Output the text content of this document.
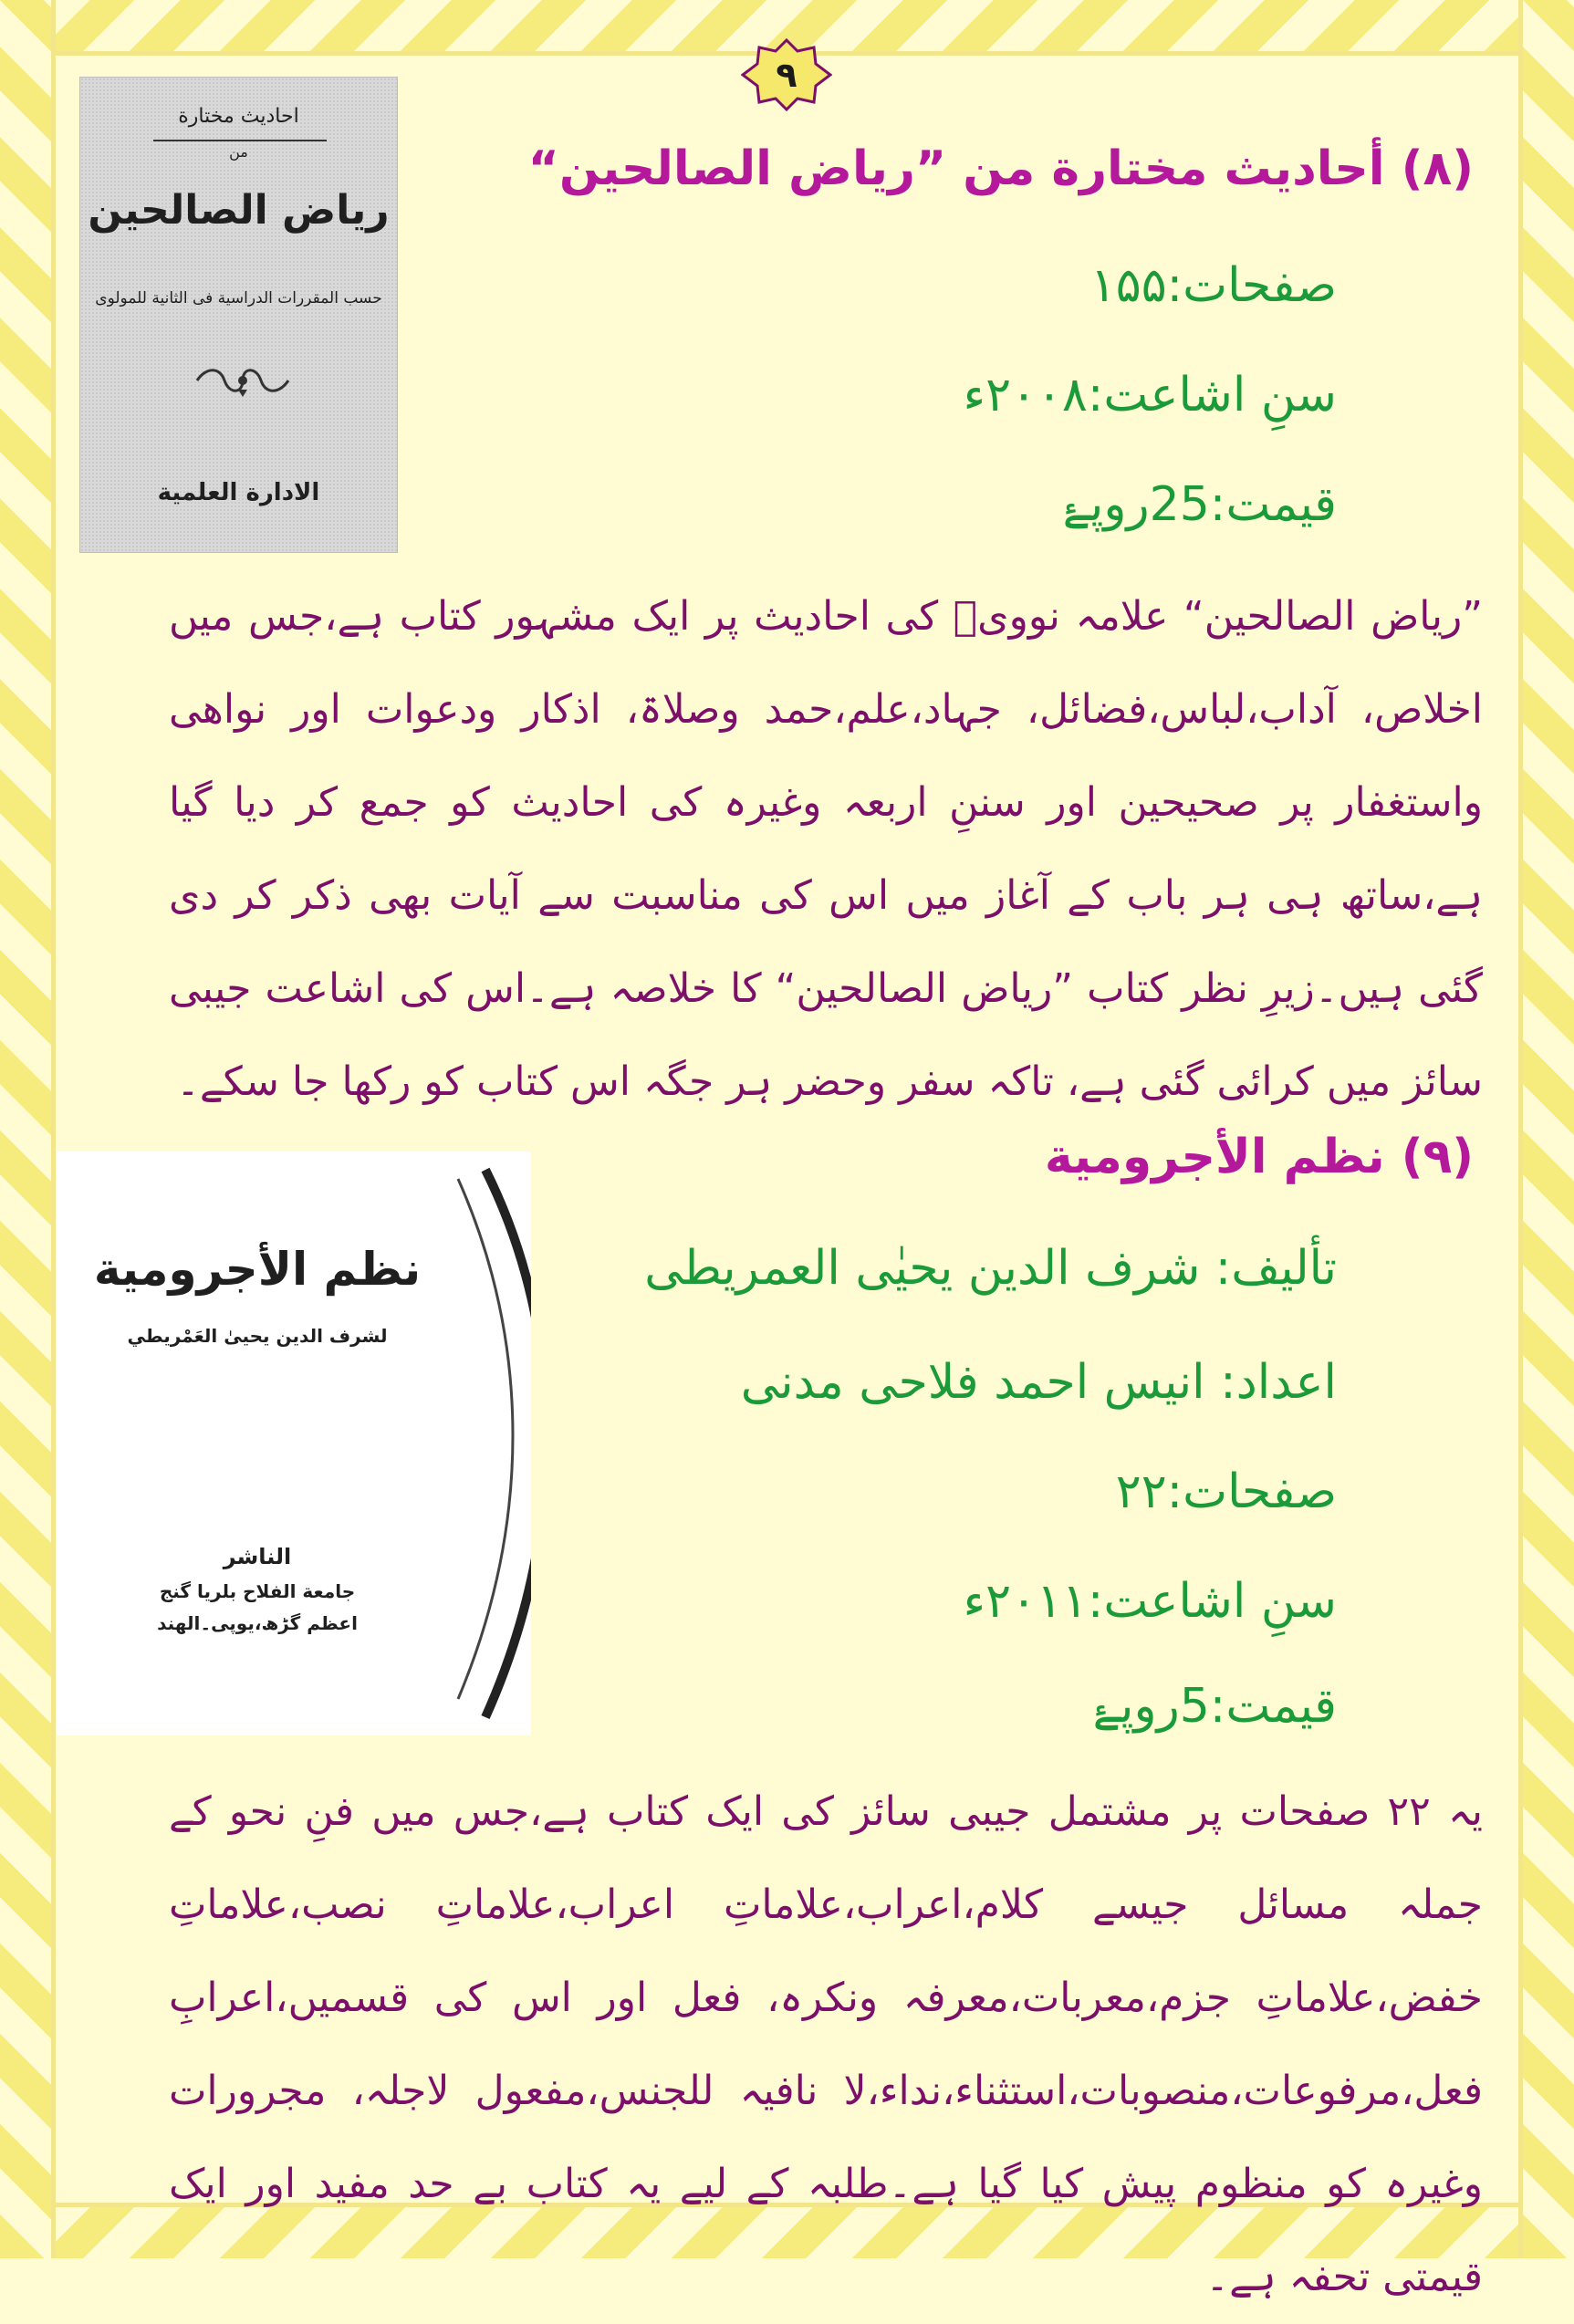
٩
احاديث مختارة
من
رياض الصالحين
حسب المقررات الدراسية فى الثانية للمولوى
الادارة العلمية
(٨) أحاديث مختارة من ”رياض الصالحين“
صفحات:۱۵۵
سنِ اشاعت:۲۰۰۸ء
قیمت:25روپۓ
”ریاض الصالحین“ علامہ نوویؒ کی احادیث پر ایک مشہور کتاب ہے،جس میں اخلاص، آداب،لباس،فضائل، جہاد،علم،حمد وصلاۃ، اذکار ودعوات اور نواھی واستغفار پر صحیحین اور سننِ اربعہ وغیرہ کی احادیث کو جمع کر دیا گیا ہے،ساتھ ہی ہر باب کے آغاز میں اس کی مناسبت سے آیات بھی ذکر کر دی گئی ہیں۔زیرِ نظر کتاب ”ریاض الصالحین“ کا خلاصہ ہے۔اس کی اشاعت جیبی سائز میں کرائی گئی ہے، تاکہ سفر وحضر ہر جگہ اس کتاب کو رکھا جا سکے۔
نظم الأجرومية
لشرف الدين يحيىٰ العَمْريطي
الناشر
جامعة الفلاح بلريا گنج
اعظم گڑھ،یوپی۔الهند
(٩) نظم الأجرومية
تألیف: شرف الدین یحیٰی العمریطی
اعداد: انیس احمد فلاحی مدنی
صفحات:۲۲
سنِ اشاعت:۲۰۱۱ء
قیمت:5روپۓ
یہ ۲۲ صفحات پر مشتمل جیبی سائز کی ایک کتاب ہے،جس میں فنِ نحو کے جملہ مسائل جیسے کلام،اعراب،علاماتِ اعراب،علاماتِ نصب،علاماتِ خفض،علاماتِ جزم،معربات،معرفہ ونکرہ، فعل اور اس کی قسمیں،اعرابِ فعل،مرفوعات،منصوبات،استثناء،نداء،لا نافیہ للجنس،مفعول لاجلہ، مجرورات وغیرہ کو منظوم پیش کیا گیا ہے۔طلبہ کے لیے یہ کتاب بے حد مفید اور ایک قیمتی تحفہ ہے۔
